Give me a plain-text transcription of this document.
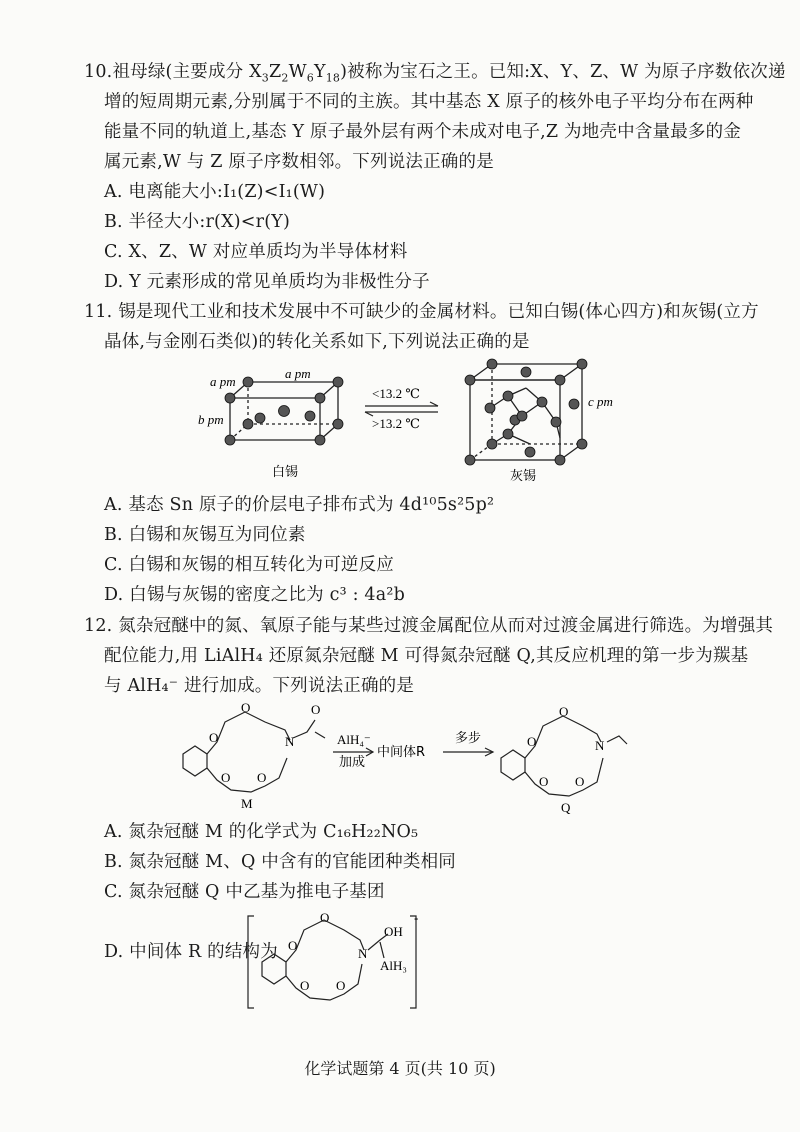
10.祖母绿(主要成分 $X_3Z_2W_6Y_{18}$)被称为宝石之王。已知:X、Y、Z、W 为原子序数依次递
增的短周期元素,分别属于不同的主族。其中基态 X 原子的核外电子平均分布在两种
能量不同的轨道上,基态 Y 原子最外层有两个未成对电子,Z 为地壳中含量最多的金
属元素,W 与 Z 原子序数相邻。下列说法正确的是
A. 电离能大小:I₁(Z)<I₁(W)
B. 半径大小:r(X)<r(Y)
C. X、Z、W 对应单质均为半导体材料
D. Y 元素形成的常见单质均为非极性分子
11. 锡是现代工业和技术发展中不可缺少的金属材料。已知白锡(体心四方)和灰锡(立方
晶体,与金刚石类似)的转化关系如下,下列说法正确的是
a pm
a pm
b pm
白锡
<13.2 ℃
>13.2 ℃
c pm
灰锡
A. 基态 Sn 原子的价层电子排布式为 4d¹⁰5s²5p²
B. 白锡和灰锡互为同位素
C. 白锡和灰锡的相互转化为可逆反应
D. 白锡与灰锡的密度之比为 c³ : 4a²b
12. 氮杂冠醚中的氮、氧原子能与某些过渡金属配位从而对过渡金属进行筛选。为增强其
配位能力,用 LiAlH₄ 还原氮杂冠醚 M 可得氮杂冠醚 Q,其反应机理的第一步为羰基
与 AlH₄⁻ 进行加成。下列说法正确的是
O
O
N
O
O O
M
AlH₄⁻
加成
中间体R
多步	O
O
N
O O
Q
A. 氮杂冠醚 M 的化学式为 C₁₆H₂₂NO₅
B. 氮杂冠醚 M、Q 中含有的官能团种类相同
C. 氮杂冠醚 Q 中乙基为推电子基团
D. 中间体 R 的结构为 O
O
N
O O
OH
AlH₃
-
化学试题第 4 页(共 10 页)
